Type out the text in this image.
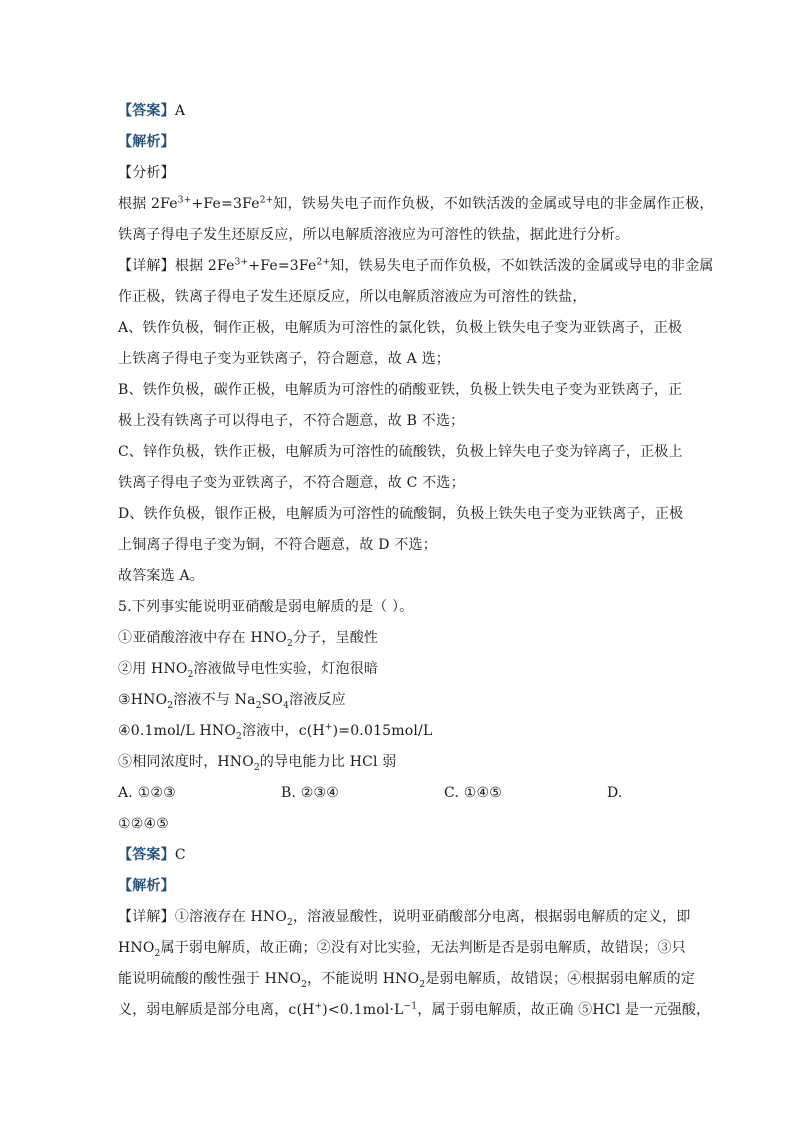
【答案】A
【解析】
【分析】
根据 $2Fe^{3+}+Fe=3Fe^{2+}$知，铁易失电子而作负极，不如铁活泼的金属或导电的非金属作正极，
铁离子得电子发生还原反应，所以电解质溶液应为可溶性的铁盐，据此进行分析。
【详解】根据 $2Fe^{3+}+Fe=3Fe^{2+}$知，铁易失电子而作负极，不如铁活泼的金属或导电的非金属
作正极，铁离子得电子发生还原反应，所以电解质溶液应为可溶性的铁盐，
A、铁作负极，铜作正极，电解质为可溶性的氯化铁，负极上铁失电子变为亚铁离子，正极
上铁离子得电子变为亚铁离子，符合题意，故 A 选；
B、铁作负极，碳作正极，电解质为可溶性的硝酸亚铁，负极上铁失电子变为亚铁离子，正
极上没有铁离子可以得电子，不符合题意，故 B 不选；
C、锌作负极，铁作正极，电解质为可溶性的硫酸铁，负极上锌失电子变为锌离子，正极上
铁离子得电子变为亚铁离子，不符合题意，故 C 不选；
D、铁作负极，银作正极，电解质为可溶性的硫酸铜，负极上铁失电子变为亚铁离子，正极
上铜离子得电子变为铜，不符合题意，故 D 不选；
故答案选 A。
5.下列事实能说明亚硝酸是弱电解质的是（ ）。
①亚硝酸溶液中存在 $HNO_2$分子，呈酸性
②用 $HNO_2$溶液做导电性实验，灯泡很暗
$③HNO_2$溶液不与 $Na_2SO_4$溶液反应
④0.1mol/L $HNO_2$溶液中，c(H+)=0.015mol/L
⑤相同浓度时，$HNO_2$的导电能力比 HCl 弱
A. ①②③	B. ②③④	C. ①④⑤	D.
①②④⑤
【答案】C
【解析】
【详解】①溶液存在 $HNO_2$，溶液显酸性，说明亚硝酸部分电离，根据弱电解质的定义，即
$HNO_2$属于弱电解质，故正确；②没有对比实验，无法判断是否是弱电解质，故错误；③只
能说明硫酸的酸性强于 $HNO_2$，不能说明 $HNO_2$是弱电解质，故错误；④根据弱电解质的定
义，弱电解质是部分电离，$c(H^+)<0.1mol\cdot L^{-1}$，属于弱电解质，故正确 ⑤HCl 是一元强酸，
